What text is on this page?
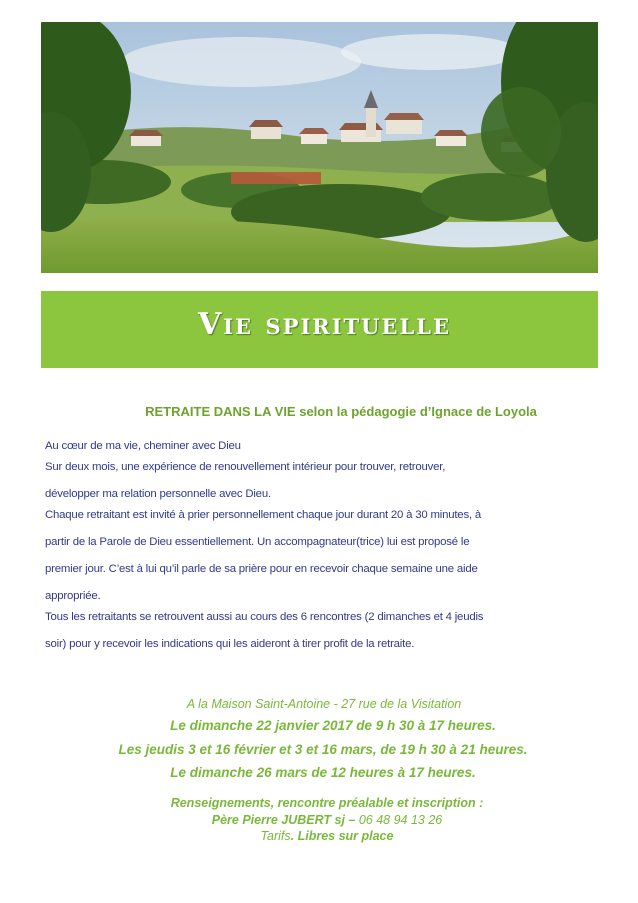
Vie spirituelle
RETRAITE DANS LA VIE selon la pédagogie d’Ignace de Loyola
Au cœur de ma vie, cheminer avec Dieu
Sur deux mois, une expérience de renouvellement intérieur pour trouver, retrouver,
développer ma relation personnelle avec Dieu.
Chaque retraitant est invité à prier personnellement chaque jour durant 20 à 30 minutes, à
partir de la Parole de Dieu essentiellement. Un accompagnateur(trice) lui est proposé le
premier jour. C’est à lui qu’il parle de sa prière pour en recevoir chaque semaine une aide
appropriée.
Tous les retraitants se retrouvent aussi au cours des 6 rencontres (2 dimanches et 4 jeudis
soir) pour y recevoir les indications qui les aideront à tirer profit de la retraite.
A la Maison Saint-Antoine - 27 rue de la Visitation
Le dimanche 22 janvier 2017 de 9 h 30 à 17 heures.
Les jeudis 3 et 16 février et 3 et 16 mars, de 19 h 30 à 21 heures.
Le dimanche 26 mars de 12 heures à 17 heures.
Renseignements, rencontre préalable et inscription :
Père Pierre JUBERT sj – 06 48 94 13 26
Tarifs. Libres sur place
